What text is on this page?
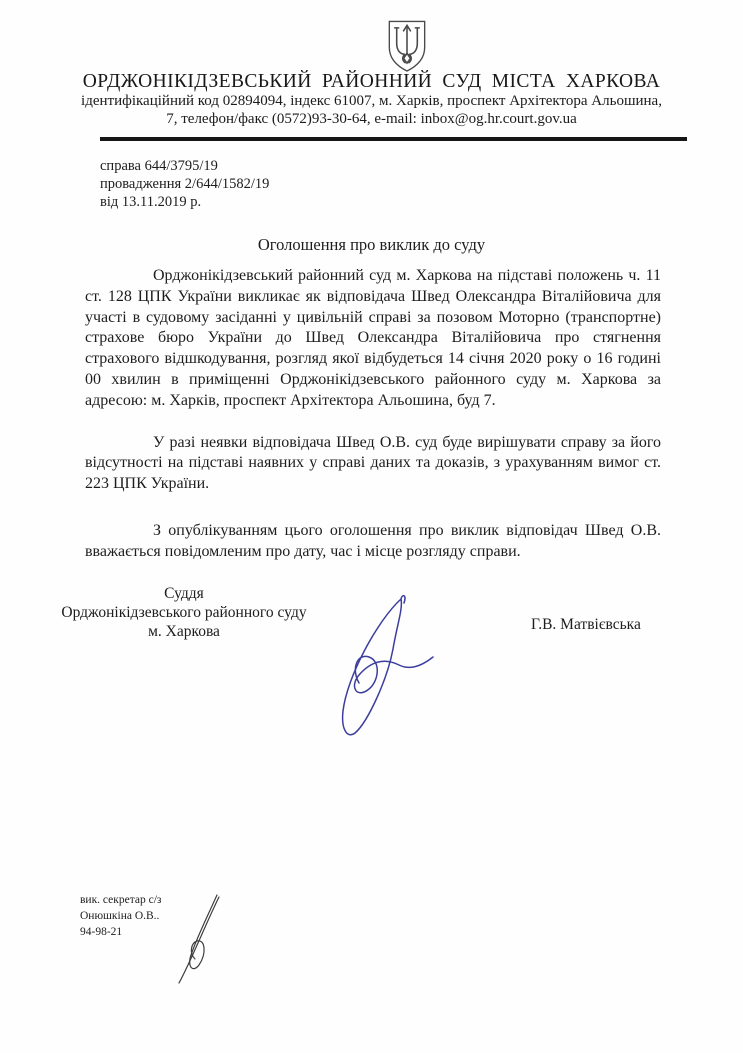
ОРДЖОНІКІДЗЕВСЬКИЙ РАЙОННИЙ СУД МІСТА ХАРКОВА
ідентифікаційний код 02894094, індекс 61007, м. Харків, проспект Архітектора Альошина,
7, телефон/факс (0572)93-30-64, e-mail: inbox@og.hr.court.gov.ua
справа 644/3795/19
провадження 2/644/1582/19
від 13.11.2019 р.
Оголошення про виклик до суду

Орджонікідзевський районний суд м. Харкова на підставі положень ч. 11 ст. 128 ЦПК України викликає як відповідача Швед Олександра Віталійовича для участі в судовому засіданні у цивільній справі за позовом Моторно (транспортне) страхове бюро України до Швед Олександра Віталійовича про стягнення страхового відшкодування, розгляд якої відбудеться 14 січня 2020 року о 16 годині 00 хвилин в приміщенні Орджонікідзевського районного суду м. Харкова за адресою: м. Харків, проспект Архітектора Альошина, буд 7.

У разі неявки відповідача Швед О.В. суд буде вирішувати справу за його відсутності на підставі наявних у справі даних та доказів, з урахуванням вимог ст. 223 ЦПК України.

З опублікуванням цього оголошення про виклик відповідач Швед О.В. вважається повідомленим про дату, час і місце розгляду справи.

Суддя
Орджонікідзевського районного суду
м. Харкова	Г.В. Матвієвська
вик. секретар с/з
Онюшкіна О.В..
94-98-21
